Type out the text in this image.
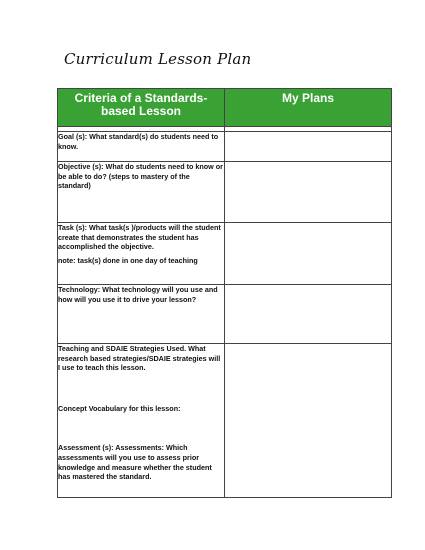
Curriculum Lesson Plan
Criteria of a Standards-based Lesson	My Plans

Goal (s): What standard(s) do students need to know.	

Objective (s): What do students need to know or be able to do? (steps to mastery of the standard)	

Task (s): What task(s )/products will the student create that demonstrates the student has accomplished the objective.

note: task(s) done in one day of teaching	

Technology: What technology will you use and how will you use it to drive your lesson?	

Teaching and SDAIE Strategies Used. What research based strategies/SDAIE strategies will I use to teach this lesson.

Concept Vocabulary for this lesson:

Assessment (s): Assessments: Which assessments will you use to assess prior knowledge and measure whether the student has mastered the standard.	
